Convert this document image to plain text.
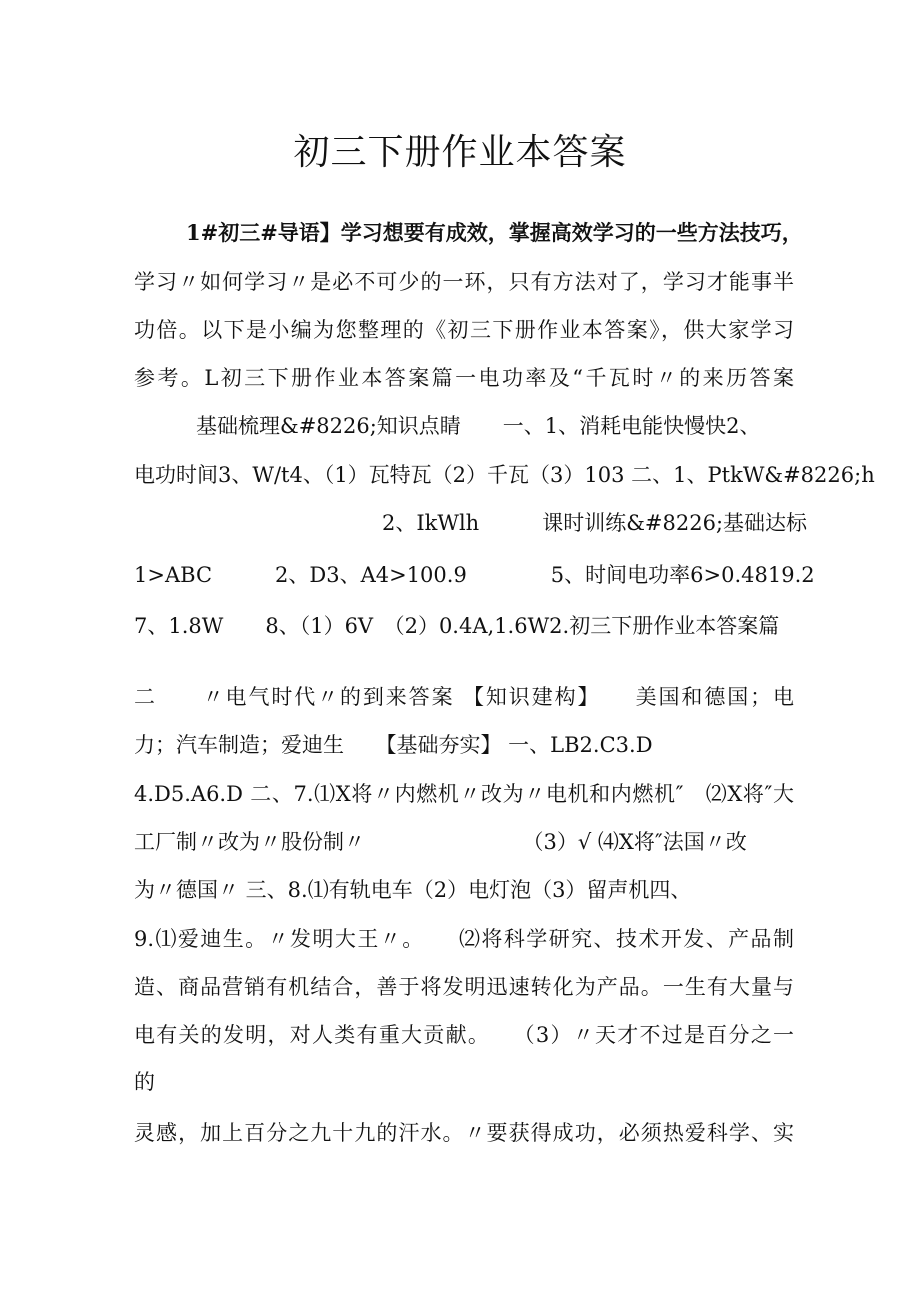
初三下册作业本答案
1#初三#导语】学习想要有成效，掌握高效学习的一些方法技巧，
学习〃如何学习〃是必不可少的一环，只有方法对了，学习才能事半
功倍。以下是小编为您整理的《初三下册作业本答案》，供大家学习
参考。L初三下册作业本答案篇一电功率及“千瓦时〃的来历答案
基础梳理&#8226;知识点睛　　一、1、消耗电能快慢快2、
电功时间3、W/t4、（1）瓦特瓦（2）千瓦（3）103 二、1、PtkW&#8226;h
2、IkWlh　　　课时训练&#8226;基础达标
1>ABC　　　2、D3、A4>100.9　　　　5、时间电功率6>0.4819.2
7、1.8W　　8、（1）6V　（2）0.4A,1.6W2.初三下册作业本答案篇
二　　〃电气时代〃的到来答案 【知识建构】　　美国和德国；电
力；汽车制造；爱迪生　　【基础夯实】 一、LB2.C3.D
4.D5.A6.D 二、7.⑴X将〃内燃机〃改为〃电机和内燃机″　⑵X将″大
工厂制〃改为〃股份制〃　　　　　　　　（3）√ ⑷X将″法国〃改
为〃德国〃 三、8.⑴有轨电车（2）电灯泡（3）留声机四、
9.⑴爱迪生。〃发明大王〃。　　⑵将科学研究、技术开发、产品制
造、商品营销有机结合，善于将发明迅速转化为产品。一生有大量与
电有关的发明，对人类有重大贡献。　　（3）〃天才不过是百分之一
的
灵感，加上百分之九十九的汗水。〃要获得成功，必须热爱科学、实
